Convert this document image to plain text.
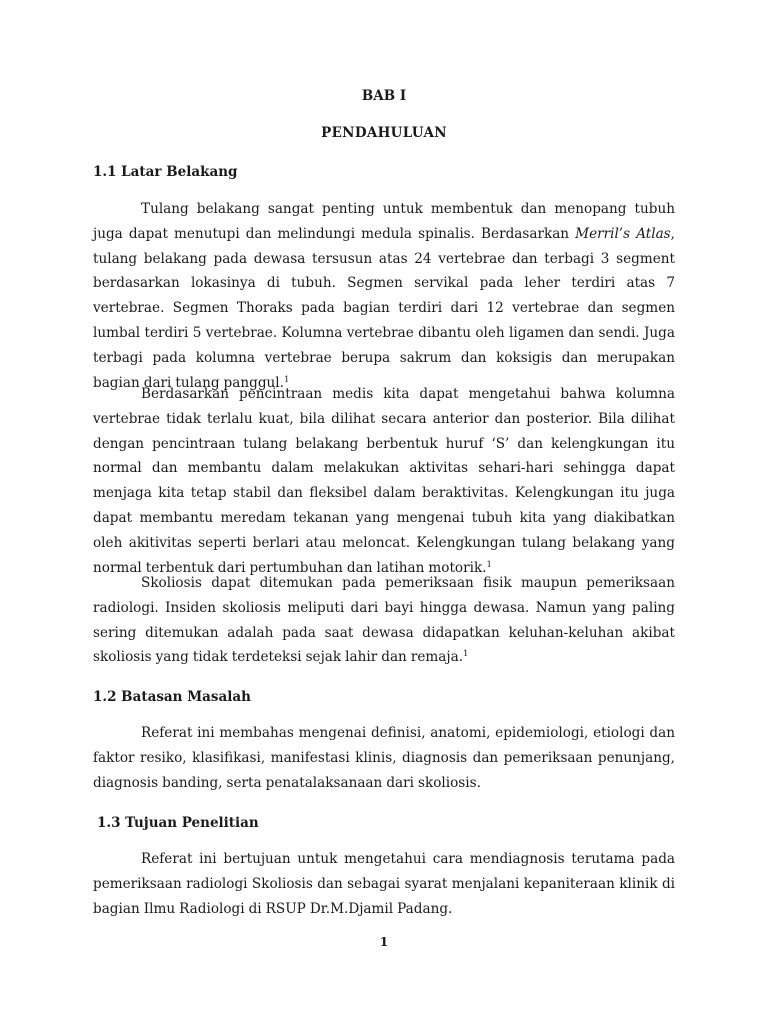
BAB I

PENDAHULUAN

1.1 Latar Belakang

Tulang belakang sangat penting untuk membentuk dan menopang tubuh juga dapat menutupi dan melindungi medula spinalis. Berdasarkan Merril’s Atlas, tulang belakang pada dewasa tersusun atas 24 vertebrae dan terbagi 3 segment berdasarkan lokasinya di tubuh. Segmen servikal pada leher terdiri atas 7 vertebrae. Segmen Thoraks pada bagian terdiri dari 12 vertebrae dan segmen lumbal terdiri 5 vertebrae. Kolumna vertebrae dibantu oleh ligamen dan sendi. Juga terbagi pada kolumna vertebrae berupa sakrum dan koksigis dan merupakan bagian dari tulang panggul.$^1$

Berdasarkan pencintraan medis kita dapat mengetahui bahwa kolumna vertebrae tidak terlalu kuat, bila dilihat secara anterior dan posterior. Bila dilihat dengan pencintraan tulang belakang berbentuk huruf ‘S’ dan kelengkungan itu normal dan membantu dalam melakukan aktivitas sehari-hari sehingga dapat menjaga kita tetap stabil dan fleksibel dalam beraktivitas. Kelengkungan itu juga dapat membantu meredam tekanan yang mengenai tubuh kita yang diakibatkan oleh akitivitas seperti berlari atau meloncat. Kelengkungan tulang belakang yang normal terbentuk dari pertumbuhan dan latihan motorik.$^1$

Skoliosis dapat ditemukan pada pemeriksaan fisik maupun pemeriksaan radiologi. Insiden skoliosis meliputi dari bayi hingga dewasa. Namun yang paling sering ditemukan adalah pada saat dewasa didapatkan keluhan-keluhan akibat skoliosis yang tidak terdeteksi sejak lahir dan remaja.$^1$

1.2 Batasan Masalah

Referat ini membahas mengenai definisi, anatomi, epidemiologi, etiologi dan faktor resiko, klasifikasi, manifestasi klinis, diagnosis dan pemeriksaan penunjang, diagnosis banding, serta penatalaksanaan dari skoliosis.

1.3 Tujuan Penelitian

Referat ini bertujuan untuk mengetahui cara mendiagnosis terutama pada pemeriksaan radiologi Skoliosis dan sebagai syarat menjalani kepaniteraan klinik di bagian Ilmu Radiologi di RSUP Dr.M.Djamil Padang.

1
